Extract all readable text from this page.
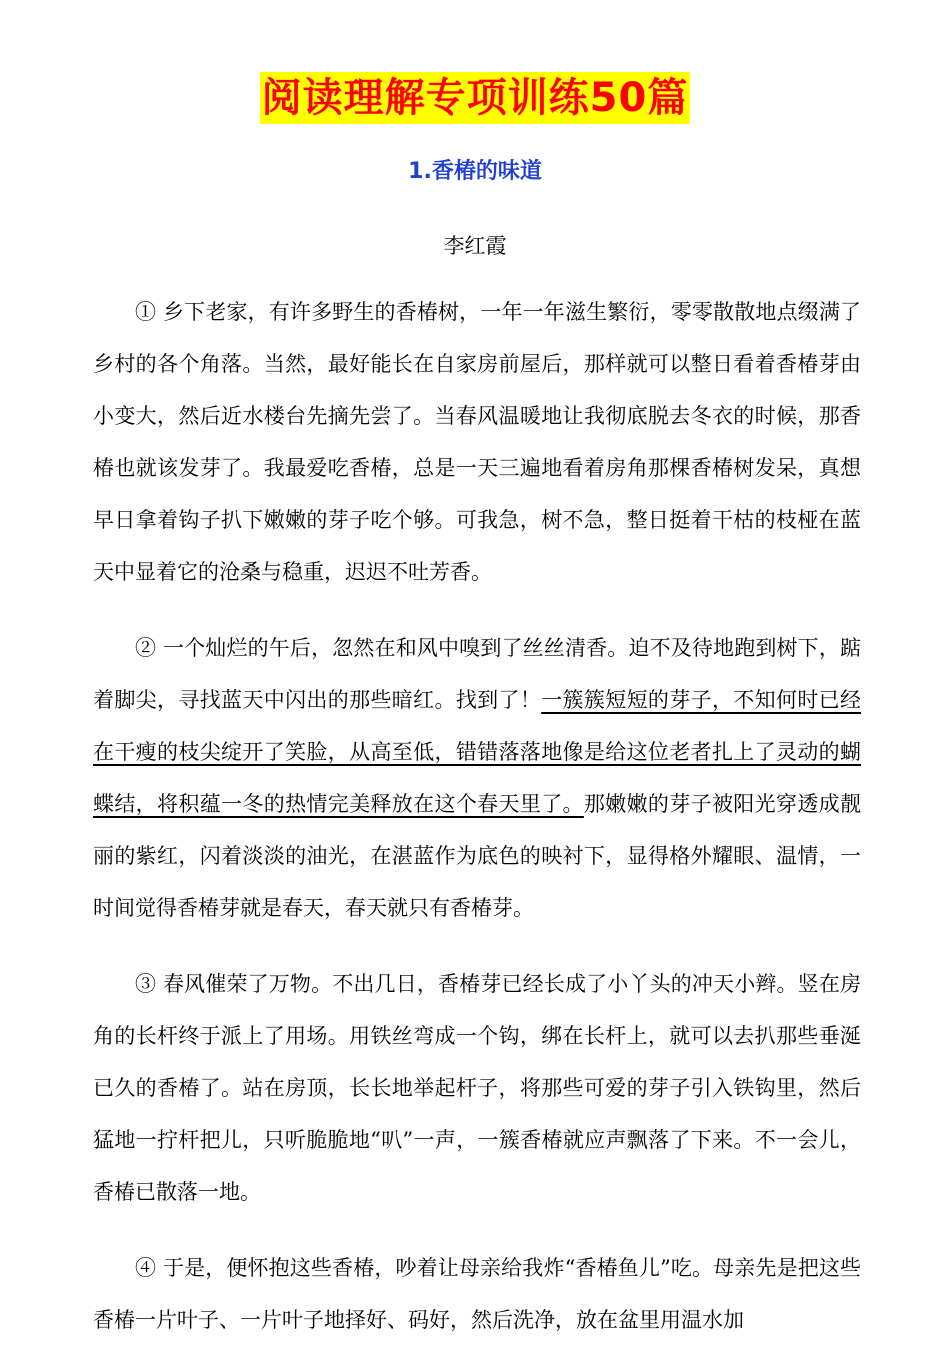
阅读理解专项训练50篇
1.香椿的味道
李红霞

① 乡下老家，有许多野生的香椿树，一年一年滋生繁衍，零零散散地点缀满了乡村的各个角落。当然，最好能长在自家房前屋后，那样就可以整日看着香椿芽由小变大，然后近水楼台先摘先尝了。当春风温暖地让我彻底脱去冬衣的时候，那香椿也就该发芽了。我最爱吃香椿，总是一天三遍地看着房角那棵香椿树发呆，真想早日拿着钩子扒下嫩嫩的芽子吃个够。可我急，树不急，整日挺着干枯的枝桠在蓝天中显着它的沧桑与稳重，迟迟不吐芳香。

② 一个灿烂的午后，忽然在和风中嗅到了丝丝清香。迫不及待地跑到树下，踮着脚尖，寻找蓝天中闪出的那些暗红。找到了！一簇簇短短的芽子，不知何时已经在干瘦的枝尖绽开了笑脸，从高至低，错错落落地像是给这位老者扎上了灵动的蝴蝶结，将积蕴一冬的热情完美释放在这个春天里了。那嫩嫩的芽子被阳光穿透成靓丽的紫红，闪着淡淡的油光，在湛蓝作为底色的映衬下，显得格外耀眼、温情，一时间觉得香椿芽就是春天，春天就只有香椿芽。

③ 春风催荣了万物。不出几日，香椿芽已经长成了小丫头的冲天小辫。竖在房角的长杆终于派上了用场。用铁丝弯成一个钩，绑在长杆上，就可以去扒那些垂涎已久的香椿了。站在房顶，长长地举起杆子，将那些可爱的芽子引入铁钩里，然后猛地一拧杆把儿，只听脆脆地“叭”一声，一簇香椿就应声飘落了下来。不一会儿，香椿已散落一地。

④ 于是，便怀抱这些香椿，吵着让母亲给我炸“香椿鱼儿”吃。母亲先是把这些香椿一片叶子、一片叶子地择好、码好，然后洗净，放在盆里用温水加
